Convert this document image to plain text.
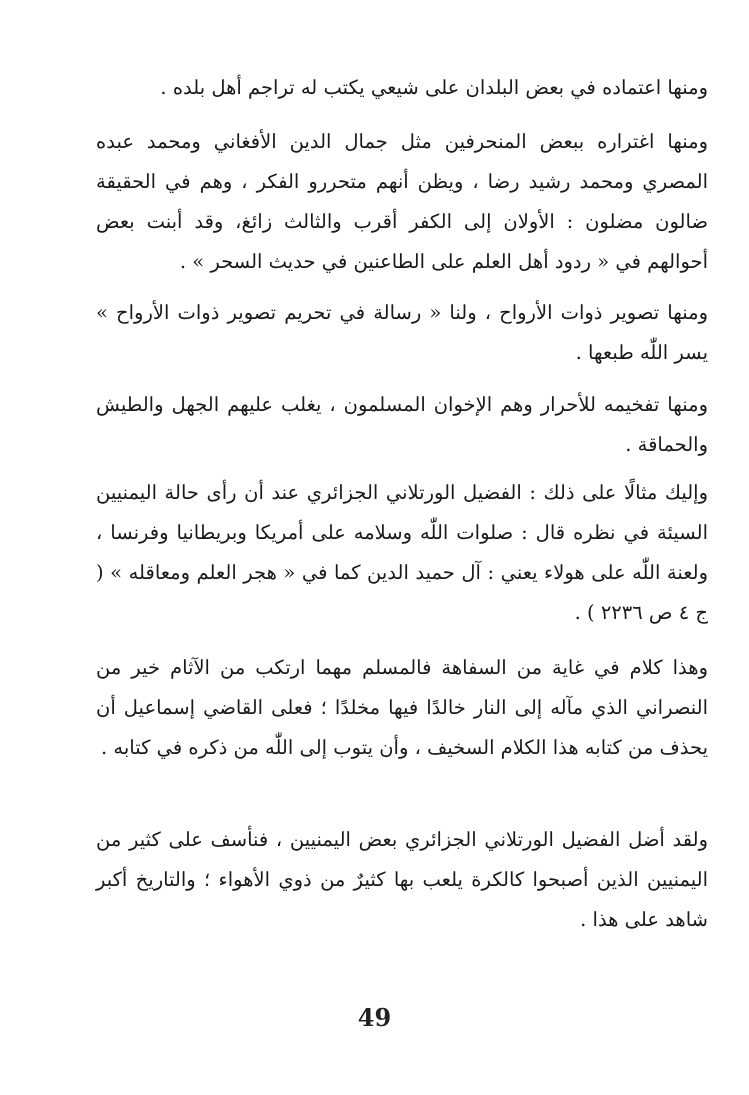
ومنها اعتماده في بعض البلدان على شيعي يكتب له تراجم أهل بلده .
ومنها اغتراره ببعض المنحرفين مثل جمال الدين الأفغاني ومحمد عبده المصري ومحمد رشيد رضا ، ويظن أنهم متحررو الفكر ، وهم في الحقيقة ضالون مضلون : الأولان إلى الكفر أقرب والثالث زائغ، وقد أبنت بعض أحوالهم في « ردود أهل العلم على الطاعنين في حديث السحر » .
ومنها تصوير ذوات الأرواح ، ولنا « رسالة في تحريم تصوير ذوات الأرواح » يسر اللّٰه طبعها .
ومنها تفخيمه للأحرار وهم الإخوان المسلمون ، يغلب عليهم الجهل والطيش والحماقة .
وإليك مثالًا على ذلك : الفضيل الورتلاني الجزائري عند أن رأى حالة اليمنيين السيئة في نظره قال : صلوات اللّٰه وسلامه على أمريكا وبريطانيا وفرنسا ، ولعنة اللّٰه على هولاء يعني : آل حميد الدين كما في « هجر العلم ومعاقله » ( ج ٤ ص ٢٢٣٦ ) .
وهذا كلام في غاية من السفاهة فالمسلم مهما ارتكب من الآثام خير من النصراني الذي مآله إلى النار خالدًا فيها مخلدًا ؛ فعلى القاضي إسماعيل أن يحذف من كتابه هذا الكلام السخيف ، وأن يتوب إلى اللّٰه من ذكره في كتابه .
ولقد أضل الفضيل الورتلاني الجزائري بعض اليمنيين ، فنأسف على كثير من اليمنيين الذين أصبحوا كالكرة يلعب بها كثيرٌ من ذوي الأهواء ؛ والتاريخ أكبر شاهد على هذا .
49
